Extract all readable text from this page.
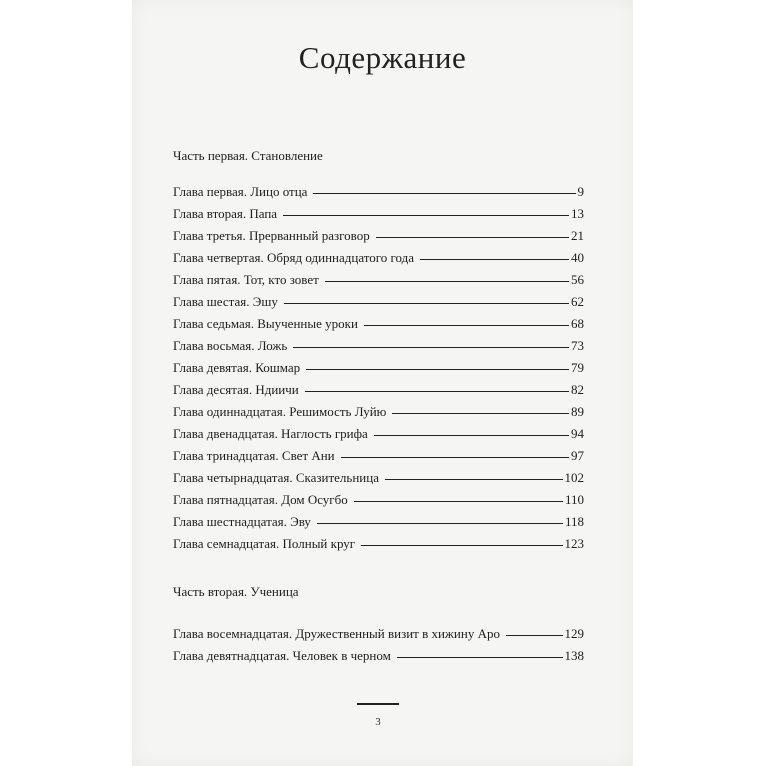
Содержание
Часть первая. Становление
Глава первая. Лицо отца	9
Глава вторая. Папа	13
Глава третья. Прерванный разговор	21
Глава четвертая. Обряд одиннадцатого года	40
Глава пятая. Тот, кто зовет	56
Глава шестая. Эшу	62
Глава седьмая. Выученные уроки	68
Глава восьмая. Ложь	73
Глава девятая. Кошмар	79
Глава десятая. Ндиичи	82
Глава одиннадцатая. Решимость Луйю	89
Глава двенадцатая. Наглость грифа	94
Глава тринадцатая. Свет Ани	97
Глава четырнадцатая. Сказительница	102
Глава пятнадцатая. Дом Осугбо	110
Глава шестнадцатая. Эву	118
Глава семнадцатая. Полный круг	123
Часть вторая. Ученица
Глава восемнадцатая. Дружественный визит в хижину Аро	129
Глава девятнадцатая. Человек в черном	138
3
